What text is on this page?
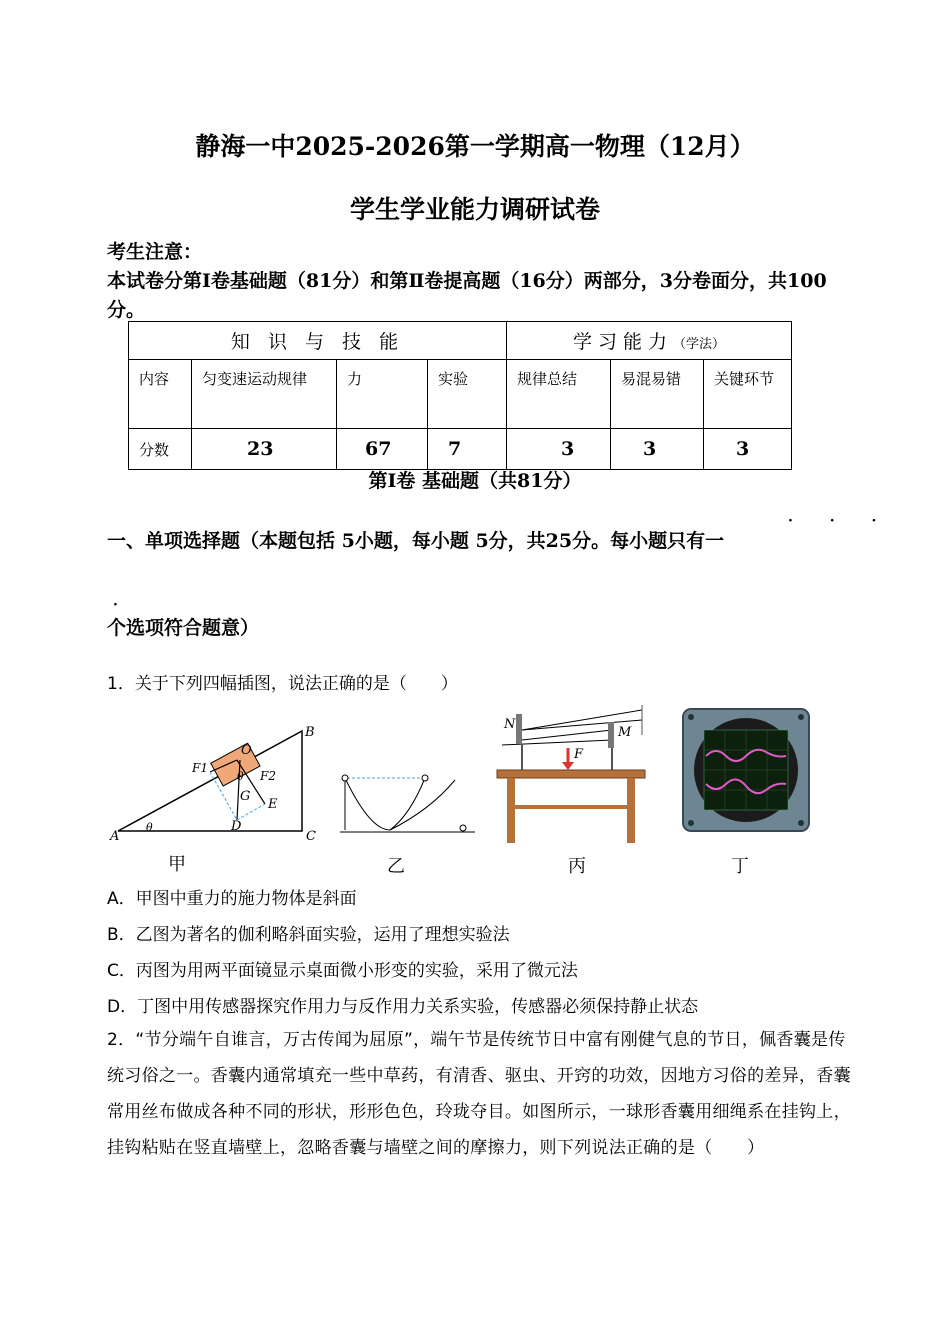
静海一中2025-2026第一学期高一物理（12月）
学生学业能力调研试卷
考生注意：
本试卷分第Ⅰ卷基础题（81分）和第Ⅱ卷提高题（16分）两部分，3分卷面分，共100分。
知 识 与 技 能				学习能力（学法）		
内容	匀变速运动规律	力	实验	规律总结	易混易错	关键环节
分数	23	67	7	3	3	3
第Ⅰ卷 基础题（共81分）
· · ·
·
一、单项选择题（本题包括 5小题，每小题 5分，共25分。每小题只有一
个选项符合题意）
1．关于下列四幅插图，说法正确的是（　　）
A
B
C
D
E
O
G
θ
θ
F1
F2
甲	乙
N
M
F
丙	丁
A．甲图中重力的施力物体是斜面
B．乙图为著名的伽利略斜面实验，运用了理想实验法
C．丙图为用两平面镜显示桌面微小形变的实验，采用了微元法
D．丁图中用传感器探究作用力与反作用力关系实验，传感器必须保持静止状态
2．“节分端午自谁言，万古传闻为屈原”，端午节是传统节日中富有刚健气息的节日，佩香囊是传统习俗之一。香囊内通常填充一些中草药，有清香、驱虫、开窍的功效，因地方习俗的差异，香囊常用丝布做成各种不同的形状，形形色色，玲珑夺目。如图所示，一球形香囊用细绳系在挂钩上，挂钩粘贴在竖直墙壁上，忽略香囊与墙壁之间的摩擦力，则下列说法正确的是（　　）
